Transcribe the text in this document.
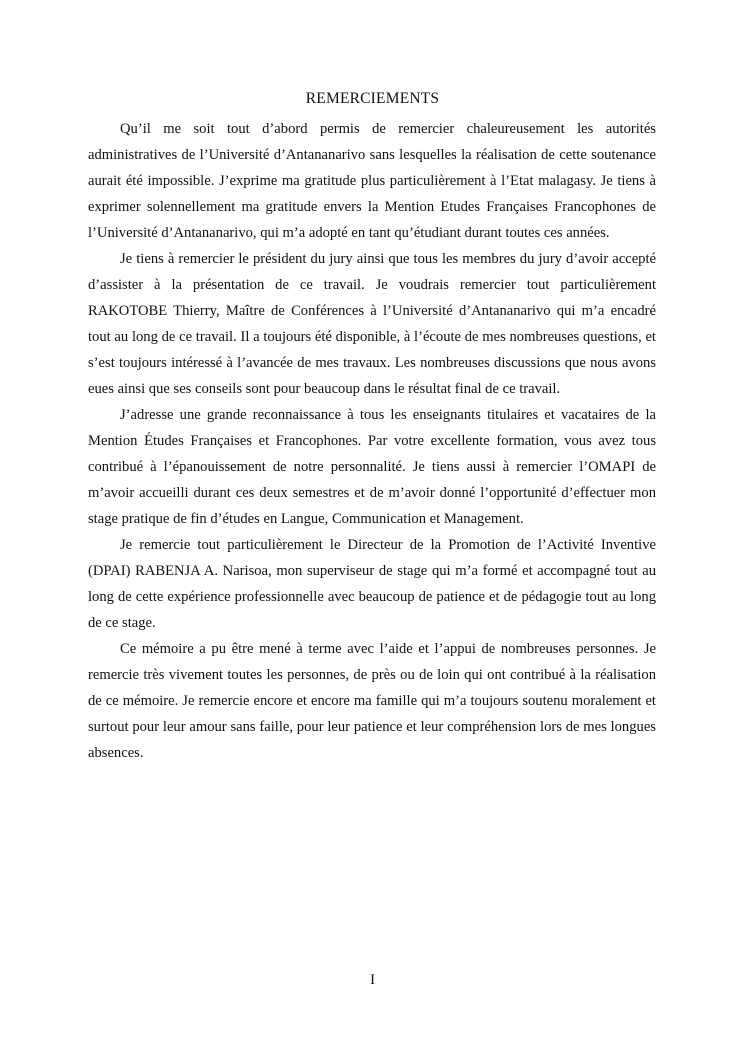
REMERCIEMENTS

Qu’il me soit tout d’abord permis de remercier chaleureusement les autorités administratives de l’Université d’Antananarivo sans lesquelles la réalisation de cette soutenance aurait été impossible. J’exprime ma gratitude plus particulièrement à l’Etat malagasy. Je tiens à exprimer solennellement ma gratitude envers la Mention Etudes Françaises Francophones de l’Université d’Antananarivo, qui m’a adopté en tant qu’étudiant durant toutes ces années.

Je tiens à remercier le président du jury ainsi que tous les membres du jury d’avoir accepté d’assister à la présentation de ce travail. Je voudrais remercier tout particulièrement RAKOTOBE Thierry, Maître de Conférences à l’Université d’Antananarivo qui m’a encadré tout au long de ce travail. Il a toujours été disponible, à l’écoute de mes nombreuses questions, et s’est toujours intéressé à l’avancée de mes travaux. Les nombreuses discussions que nous avons eues ainsi que ses conseils sont pour beaucoup dans le résultat final de ce travail.

J’adresse une grande reconnaissance à tous les enseignants titulaires et vacataires de la Mention Études Françaises et Francophones. Par votre excellente formation, vous avez tous contribué à l’épanouissement de notre personnalité. Je tiens aussi à remercier l’OMAPI de m’avoir accueilli durant ces deux semestres et de m’avoir donné l’opportunité d’effectuer mon stage pratique de fin d’études en Langue, Communication et Management.

Je remercie tout particulièrement le Directeur de la Promotion de l’Activité Inventive (DPAI) RABENJA A. Narisoa, mon superviseur de stage qui m’a formé et accompagné tout au long de cette expérience professionnelle avec beaucoup de patience et de pédagogie tout au long de ce stage.

Ce mémoire a pu être mené à terme avec l’aide et l’appui de nombreuses personnes. Je remercie très vivement toutes les personnes, de près ou de loin qui ont contribué à la réalisation de ce mémoire. Je remercie encore et encore ma famille qui m’a toujours soutenu moralement et surtout pour leur amour sans faille, pour leur patience et leur compréhension lors de mes longues absences.

I
